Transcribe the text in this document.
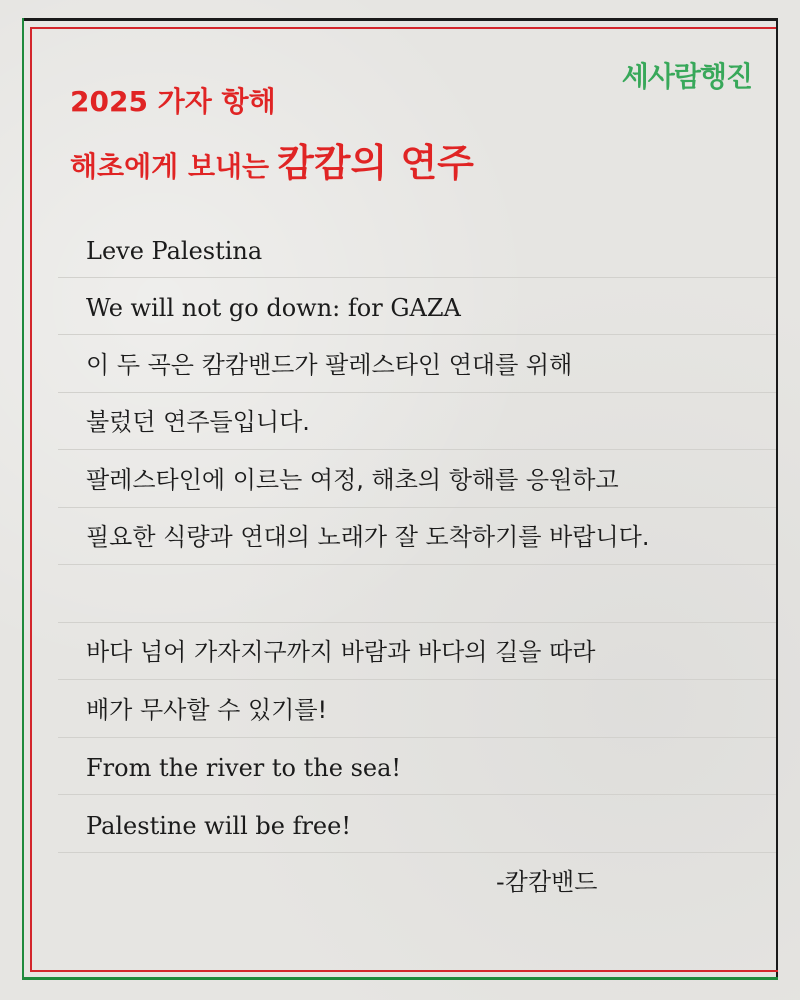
세사람행진
2025 가자 항해
해초에게 보내는 캄캄의 연주
Leve Palestina
We will not go down: for GAZA
이 두 곡은 캄캄밴드가 팔레스타인 연대를 위해
불렀던 연주들입니다.
팔레스타인에 이르는 여정, 해초의 항해를 응원하고
필요한 식량과 연대의 노래가 잘 도착하기를 바랍니다.
바다 넘어 가자지구까지 바람과 바다의 길을 따라
배가 무사할 수 있기를!
From the river to the sea!
Palestine will be free!
-캄캄밴드
